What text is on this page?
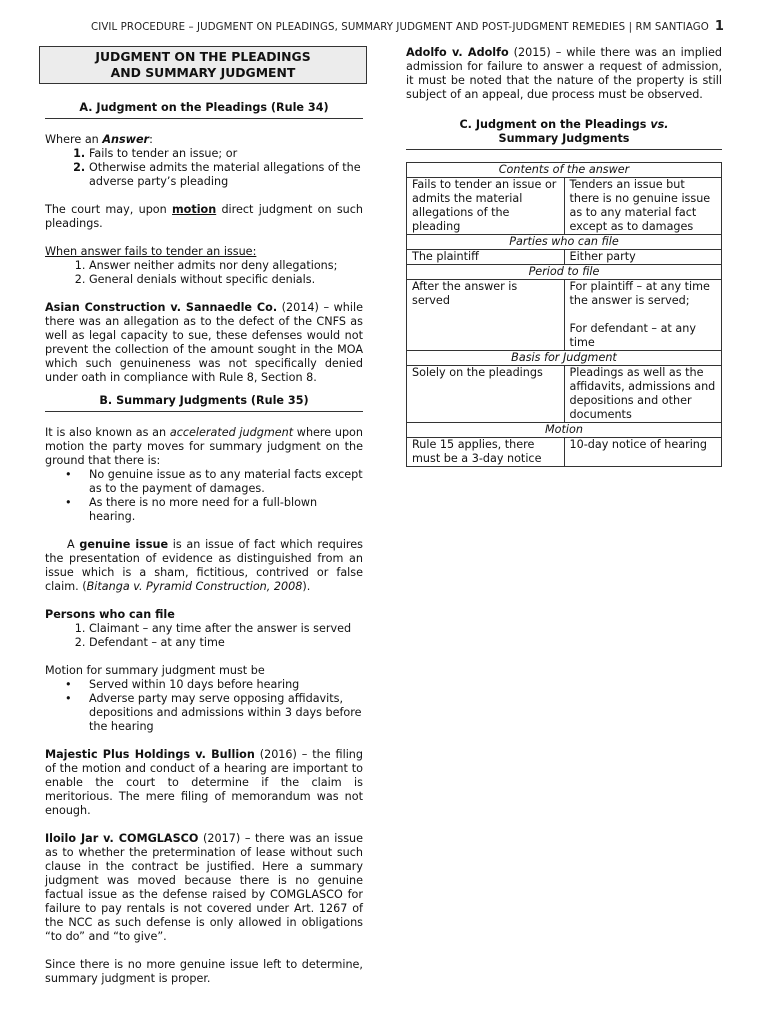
CIVIL PROCEDURE – JUDGMENT ON PLEADINGS, SUMMARY JUDGMENT AND POST-JUDGMENT REMEDIES | RM SANTIAGO 1
JUDGMENT ON THE PLEADINGS
AND SUMMARY JUDGMENT
A. Judgment on the Pleadings (Rule 34)

Where an Answer:

1. Fails to tender an issue; or
2. Otherwise admits the material allegations of the adverse party’s pleading

The court may, upon motion direct judgment on such pleadings.

When answer fails to tender an issue:

1. Answer neither admits nor deny allegations;
2. General denials without specific denials.

Asian Construction v. Sannaedle Co. (2014) – while there was an allegation as to the defect of the CNFS as well as legal capacity to sue, these defenses would not prevent the collection of the amount sought in the MOA which such genuineness was not specifically denied under oath in compliance with Rule 8, Section 8.

B. Summary Judgments (Rule 35)

It is also known as an accelerated judgment where upon motion the party moves for summary judgment on the ground that there is:

• No genuine issue as to any material facts except as to the payment of damages.
• As there is no more need for a full-blown hearing.

A genuine issue is an issue of fact which requires the presentation of evidence as distinguished from an issue which is a sham, fictitious, contrived or false claim. (Bitanga v. Pyramid Construction, 2008).

Persons who can file

1. Claimant – any time after the answer is served
2. Defendant – at any time

Motion for summary judgment must be

• Served within 10 days before hearing
• Adverse party may serve opposing affidavits, depositions and admissions within 3 days before the hearing

Majestic Plus Holdings v. Bullion (2016) – the filing of the motion and conduct of a hearing are important to enable the court to determine if the claim is meritorious. The mere filing of memorandum was not enough.

Iloilo Jar v. COMGLASCO (2017) – there was an issue as to whether the pretermination of lease without such clause in the contract be justified. Here a summary judgment was moved because there is no genuine factual issue as the defense raised by COMGLASCO for failure to pay rentals is not covered under Art. 1267 of the NCC as such defense is only allowed in obligations “to do” and “to give”.

Since there is no more genuine issue left to determine, summary judgment is proper.

Adolfo v. Adolfo (2015) – while there was an implied admission for failure to answer a request of admission, it must be noted that the nature of the property is still subject of an appeal, due process must be observed.

C. Judgment on the Pleadings vs.
Summary Judgments
Contents of the answer	
Fails to tender an issue or admits the material allegations of the pleading	Tenders an issue but there is no genuine issue as to any material fact except as to damages
Parties who can file	
The plaintiff	Either party
Period to file	
After the answer is served	For plaintiff – at any time the answer is served;
For defendant – at any time

Basis for Judgment	
Solely on the pleadings	Pleadings as well as the affidavits, admissions and depositions and other documents
Motion	
Rule 15 applies, there must be a 3-day notice	10-day notice of hearing
